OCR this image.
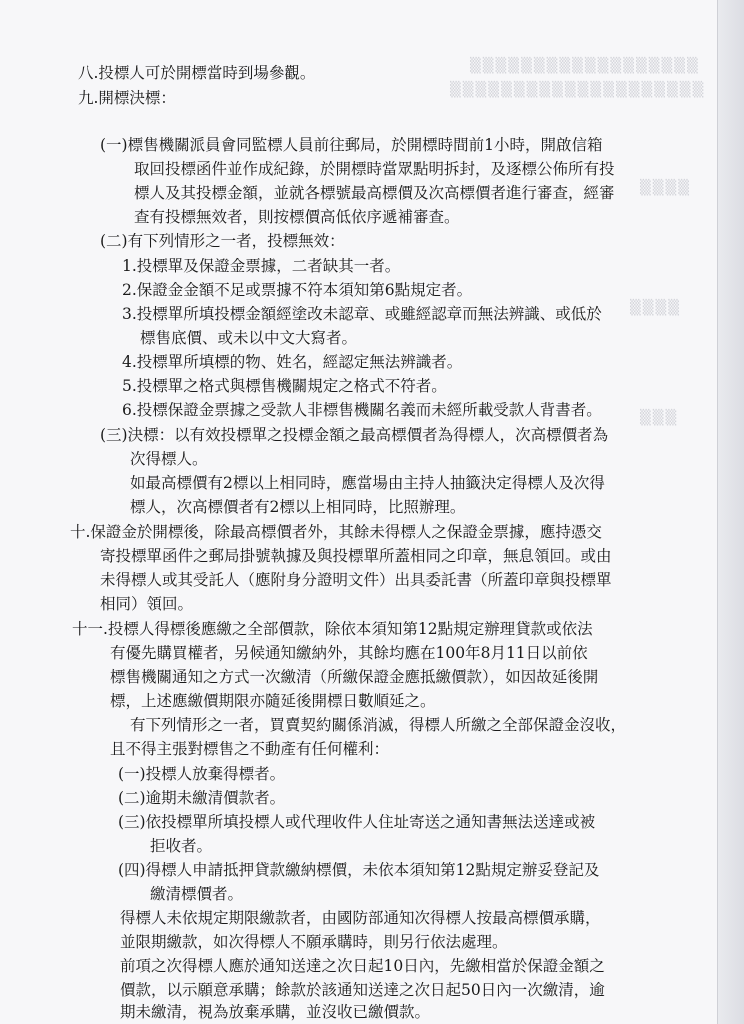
▒▒▒▒▒▒▒▒▒▒▒▒▒▒▒▒▒▒
▒▒▒▒▒▒▒▒▒▒▒▒▒▒▒▒▒▒▒▒
▒▒▒▒
▒▒▒▒
▒▒▒
八.投標人可於開標當時到場參觀。
九.開標決標：
(一)標售機關派員會同監標人員前往郵局，於開標時間前1小時，開啟信箱
取回投標函件並作成紀錄，於開標時當眾點明拆封，及逐標公佈所有投
標人及其投標金額，並就各標號最高標價及次高標價者進行審查，經審
查有投標無效者，則按標價高低依序遞補審查。
(二)有下列情形之一者，投標無效：
1.投標單及保證金票據，二者缺其一者。
2.保證金金額不足或票據不符本須知第6點規定者。
3.投標單所填投標金額經塗改未認章、或雖經認章而無法辨識、或低於
標售底價、或未以中文大寫者。
4.投標單所填標的物、姓名，經認定無法辨識者。
5.投標單之格式與標售機關規定之格式不符者。
6.投標保證金票據之受款人非標售機關名義而未經所載受款人背書者。
(三)決標：以有效投標單之投標金額之最高標價者為得標人，次高標價者為
次得標人。
如最高標價有2標以上相同時，應當場由主持人抽籤決定得標人及次得
標人，次高標價者有2標以上相同時，比照辦理。
十.保證金於開標後，除最高標價者外，其餘未得標人之保證金票據，應持憑交
寄投標單函件之郵局掛號執據及與投標單所蓋相同之印章，無息領回。或由
未得標人或其受託人（應附身分證明文件）出具委託書（所蓋印章與投標單
相同）領回。
十一.投標人得標後應繳之全部價款，除依本須知第12點規定辦理貸款或依法
有優先購買權者，另候通知繳納外，其餘均應在100年8月11日以前依
標售機關通知之方式一次繳清（所繳保證金應抵繳價款），如因故延後開
標，上述應繳價期限亦隨延後開標日數順延之。
有下列情形之一者，買賣契約關係消滅，得標人所繳之全部保證金沒收，
且不得主張對標售之不動產有任何權利：
(一)投標人放棄得標者。
(二)逾期未繳清價款者。
(三)依投標單所填投標人或代理收件人住址寄送之通知書無法送達或被
拒收者。
(四)得標人申請抵押貸款繳納標價，未依本須知第12點規定辦妥登記及
繳清標價者。
得標人未依規定期限繳款者，由國防部通知次得標人按最高標價承購，
並限期繳款，如次得標人不願承購時，則另行依法處理。
前項之次得標人應於通知送達之次日起10日內，先繳相當於保證金額之
價款，以示願意承購；餘款於該通知送達之次日起50日內一次繳清，逾
期未繳清，視為放棄承購，並沒收已繳價款。
